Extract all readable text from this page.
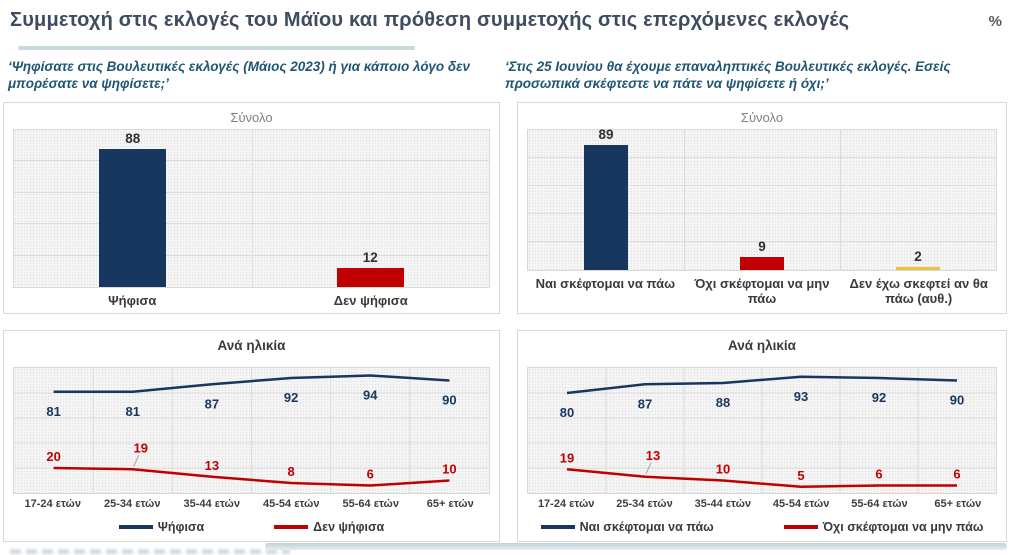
Συμμετοχή στις εκλογές του Μάϊου και πρόθεση συμμετοχής στις επερχόμενες εκλογές	%

‘Ψηφίσατε στις Βουλευτικές εκλογές (Μάιος 2023) ή για κάποιο λόγο δεν μπορέσατε να ψηφίσετε;’

‘Στις 25 Ιουνίου θα έχουμε επαναληπτικές Βουλευτικές εκλογές. Εσείς προσωπικά σκέφτεστε να πάτε να ψηφίσετε ή όχι;’

Σύνολο
88
12
Ψήφισα	Δεν ψήφισα
Σύνολο
89
9
2
Ναι σκέφτομαι να πάω	Όχι σκέφτομαι να μην πάω
Δεν έχω σκεφτεί αν θα πάω (αυθ.)
Ανά ηλικία
81	81	87	92	94	90
20
19
13	8	6	10
17-24 ετών	25-34 ετών	35-44 ετών	45-54 ετών	55-64 ετών	65+ ετών
Ψήφισα	Δεν ψήφισα
Ανά ηλικία
80
87	88	93	92	90
19	13
10	5	6	6
17-24 ετών	25-34 ετών	35-44 ετών	45-54 ετών	55-64 ετών	65+ ετών
Ναι σκέφτομαι να πάω	Όχι σκέφτομαι να μην πάω
